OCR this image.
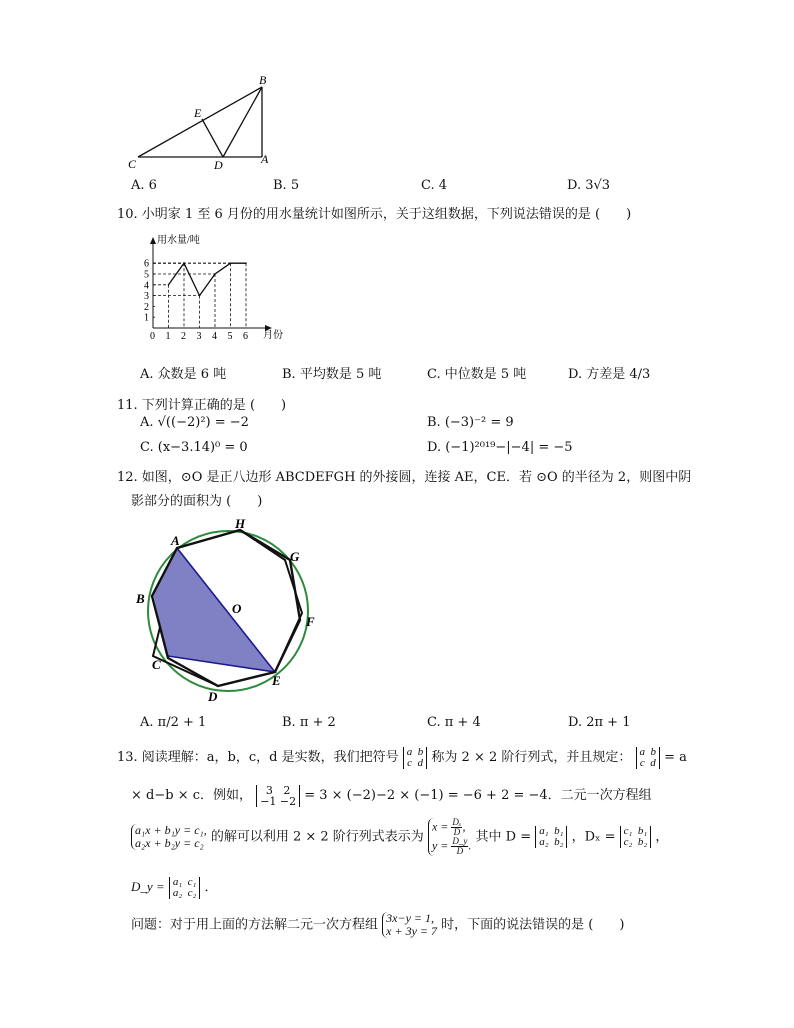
B
E
C	D	A
A. 6	B. 5	C. 4	D. 3√3
10. 小明家 1 至 6 月份的用水量统计如图所示，关于这组数据，下列说法错误的是 (　　)
0 1 2 3 4 5 6
1
2
3
4
5
6
用水量/吨
月份
A. 众数是 6 吨	B. 平均数是 5 吨	C. 中位数是 5 吨	D. 方差是 4/3
11. 下列计算正确的是 (　　)
A. √((−2)²) = −2	B. (−3)⁻² = 9
C. (x−3.14)⁰ = 0	D. (−1)²⁰¹⁹−|−4| = −5
12. 如图，⊙O 是正八边形 ABCDEFGH 的外接圆，连接 AE，CE．若 ⊙O 的半径为 2，则图中阴
影部分的面积为 (　　)
A
H
G
B
O
F
C
E
D
A. π/2 + 1	B. π + 2	C. π + 4	D. 2π + 1
13. 阅读理解：a，b，c，d 是实数，我们把符号 a  b
c  d 称为 2 × 2 阶行列式，并且规定： a  b
c  d = a
× d−b × c．例如， 3   2
−1 −2 = 3 × (−2)−2 × (−1) = −6 + 2 = −4．二元一次方程组
a₁x + b₁y = c₁,
a₂x + b₂y = c₂ 的解可以利用 2 × 2 阶行列式表示为 $x = \frac{\text{Dₓ}}{D}$,
$y = \frac{D\_y}{D}$. 其中 D = a₁  b₁
a₂  b₂ ，Dₓ = c₁  b₁
c₂  b₂ ，
D_y = a₁  c₁
a₂  c₂ ．
问题：对于用上面的方法解二元一次方程组 3x−y = 1,
x + 3y = 7 时，下面的说法错误的是 (　　)
